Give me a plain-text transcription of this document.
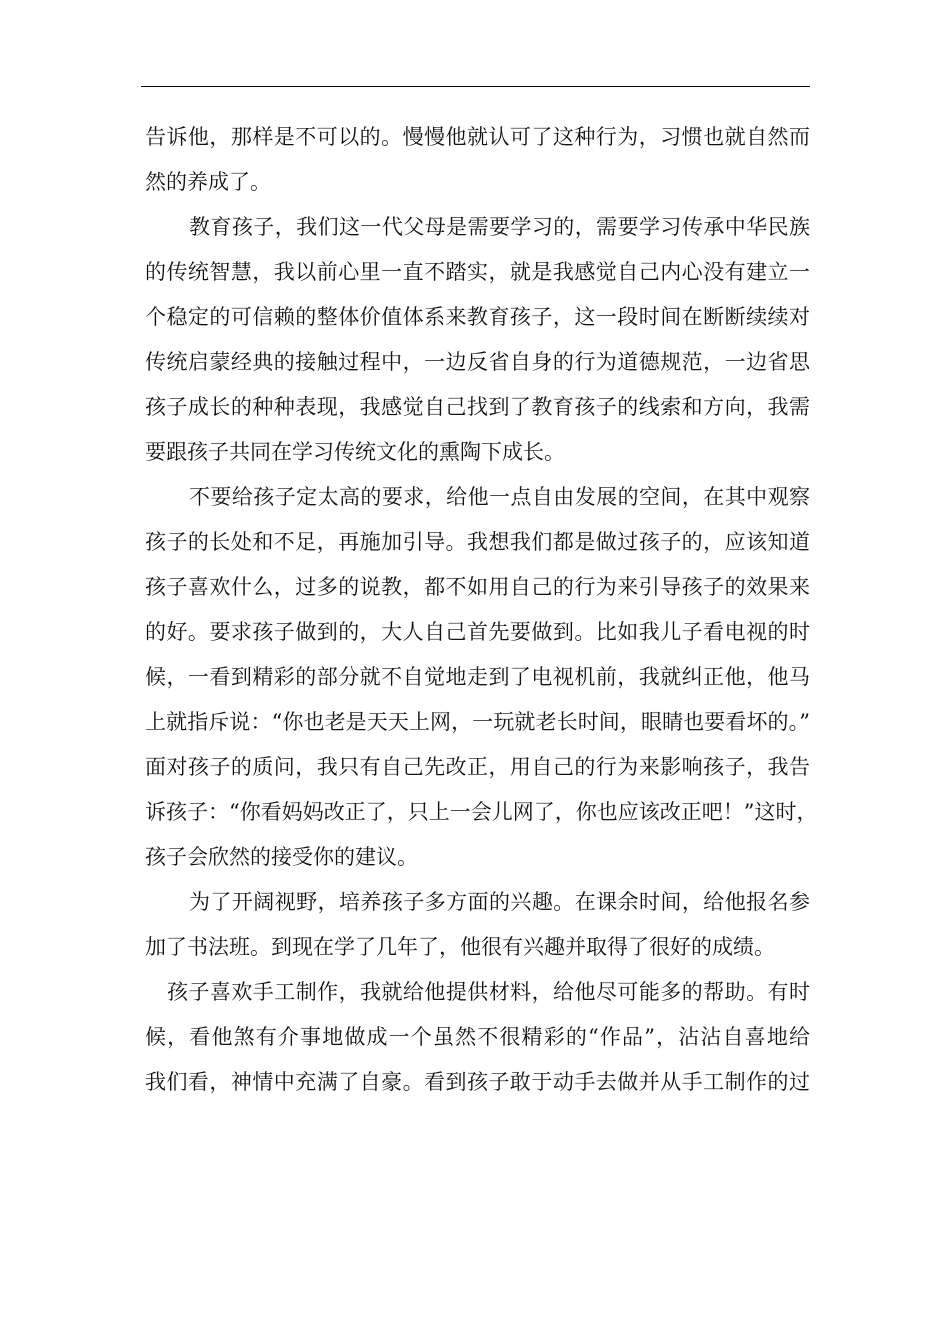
告诉他，那样是不可以的。慢慢他就认可了这种行为，习惯也就自然而
然的养成了。
教育孩子，我们这一代父母是需要学习的，需要学习传承中华民族
的传统智慧，我以前心里一直不踏实，就是我感觉自己内心没有建立一
个稳定的可信赖的整体价值体系来教育孩子，这一段时间在断断续续对
传统启蒙经典的接触过程中，一边反省自身的行为道德规范，一边省思
孩子成长的种种表现，我感觉自己找到了教育孩子的线索和方向，我需
要跟孩子共同在学习传统文化的熏陶下成长。
不要给孩子定太高的要求，给他一点自由发展的空间，在其中观察
孩子的长处和不足，再施加引导。我想我们都是做过孩子的，应该知道
孩子喜欢什么，过多的说教，都不如用自己的行为来引导孩子的效果来
的好。要求孩子做到的，大人自己首先要做到。比如我儿子看电视的时
候，一看到精彩的部分就不自觉地走到了电视机前，我就纠正他，他马
上就指斥说：“你也老是天天上网，一玩就老长时间，眼睛也要看坏的。”
面对孩子的质问，我只有自己先改正，用自己的行为来影响孩子，我告
诉孩子：“你看妈妈改正了，只上一会儿网了，你也应该改正吧！”这时，
孩子会欣然的接受你的建议。
为了开阔视野，培养孩子多方面的兴趣。在课余时间，给他报名参
加了书法班。到现在学了几年了，他很有兴趣并取得了很好的成绩。
孩子喜欢手工制作，我就给他提供材料，给他尽可能多的帮助。有时
候，看他煞有介事地做成一个虽然不很精彩的“作品”，沾沾自喜地给
我们看，神情中充满了自豪。看到孩子敢于动手去做并从手工制作的过
